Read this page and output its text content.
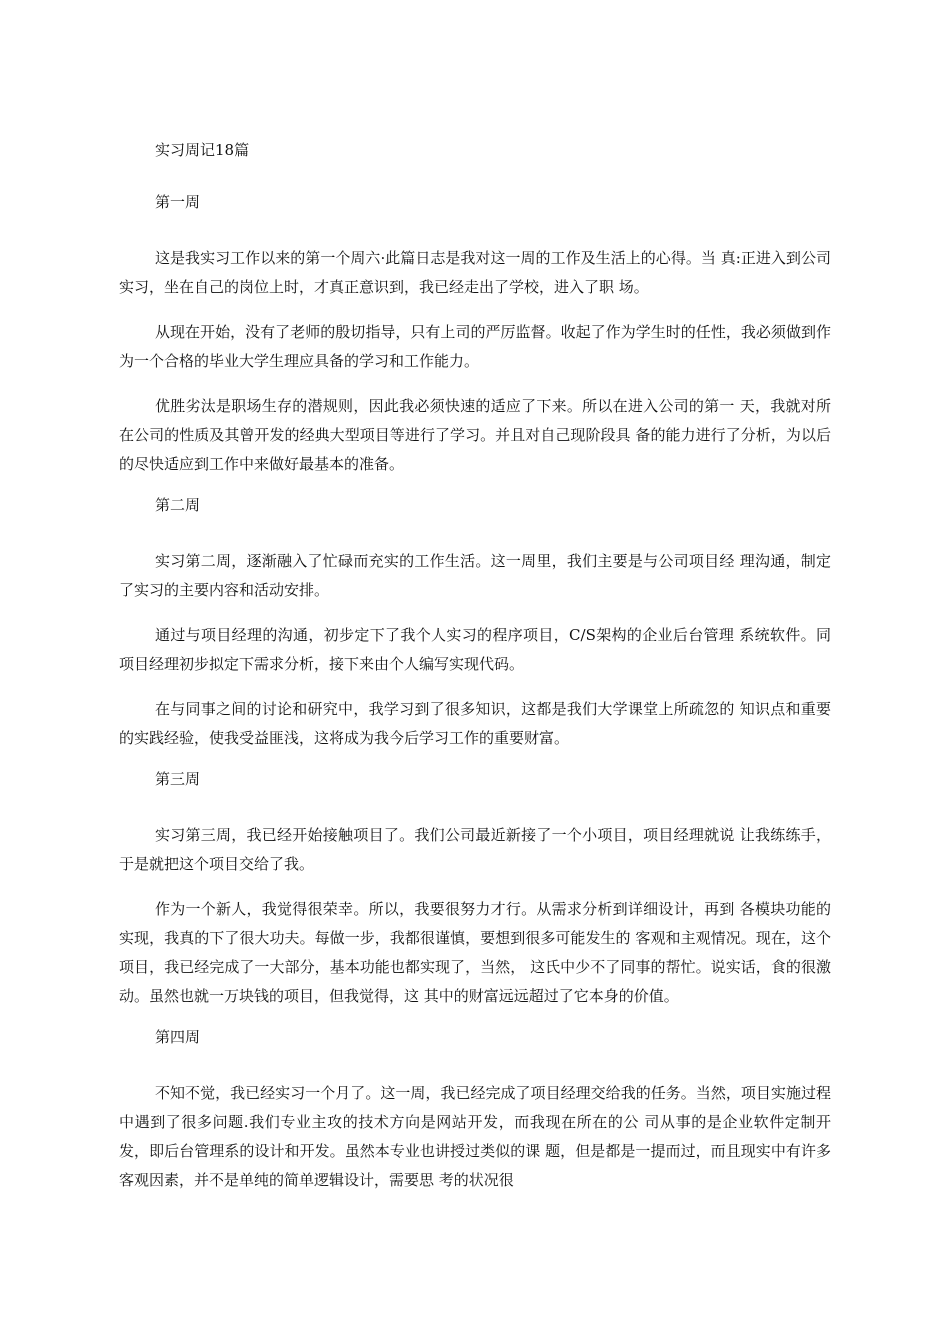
实习周记18篇

第一周

这是我实习工作以来的第一个周六·此篇日志是我对这一周的工作及生活上的心得。当 真:正进入到公司实习，坐在自己的岗位上时，才真正意识到，我已经走出了学校，进入了职 场。

从现在开始，没有了老师的殷切指导，只有上司的严厉监督。收起了作为学生时的任性，我必须做到作为一个合格的毕业大学生理应具备的学习和工作能力。

优胜劣汰是职场生存的潜规则，因此我必须快速的适应了下来。所以在进入公司的第一 天，我就对所在公司的性质及其曾开发的经典大型项目等进行了学习。并且对自己现阶段具 备的能力进行了分析，为以后的尽快适应到工作中来做好最基本的准备。

第二周

实习第二周，逐渐融入了忙碌而充实的工作生活。这一周里，我们主要是与公司项目经 理沟通，制定了实习的主要内容和活动安排。

通过与项目经理的沟通，初步定下了我个人实习的程序项目，C/S架构的企业后台管理 系统软件。同项目经理初步拟定下需求分析，接下来由个人编写实现代码。

在与同事之间的讨论和研究中，我学习到了很多知识，这都是我们大学课堂上所疏忽的 知识点和重要的实践经验，使我受益匪浅，这将成为我今后学习工作的重要财富。

第三周

实习第三周，我已经开始接触项目了。我们公司最近新接了一个小项目，项目经理就说 让我练练手，于是就把这个项目交给了我。

作为一个新人，我觉得很荣幸。所以，我要很努力才行。从需求分析到详细设计，再到 各模块功能的实现，我真的下了很大功夫。每做一步，我都很谨慎，要想到很多可能发生的 客观和主观情况。现在，这个项目，我已经完成了一大部分，基本功能也都实现了，当然， 这氏中少不了同事的帮忙。说实话，食的很激动。虽然也就一万块钱的项目，但我觉得，这 其中的财富远远超过了它本身的价值。

第四周

不知不觉，我已经实习一个月了。这一周，我已经完成了项目经理交给我的任务。当然，项目实施过程中遇到了很多问题.我们专业主攻的技术方向是网站开发，而我现在所在的公 司从事的是企业软件定制开发，即后台管理系的设计和开发。虽然本专业也讲授过类似的课 题，但是都是一提而过，而且现实中有许多客观因素，并不是单纯的简单逻辑设计，需要思 考的状况很
